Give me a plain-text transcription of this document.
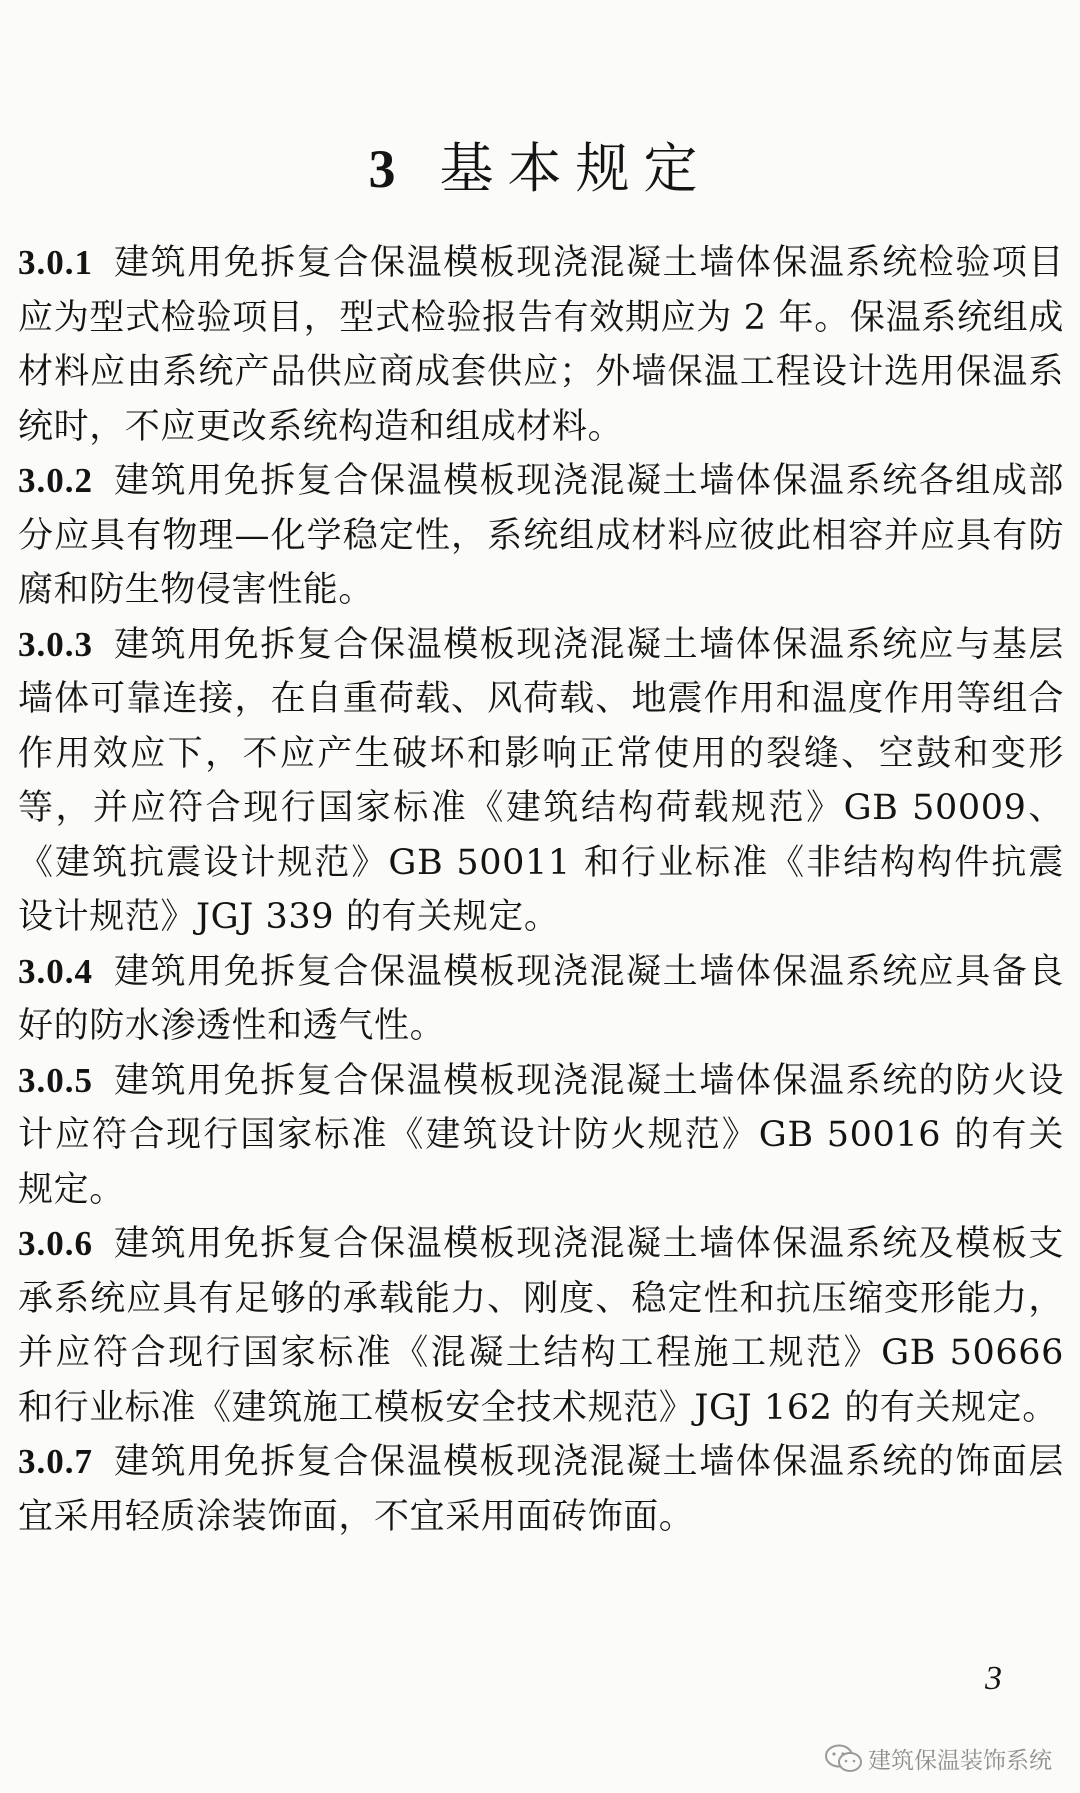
3 基本规定

3.0.1 建筑用免拆复合保温模板现浇混凝土墙体保温系统检验项目应为型式检验项目，型式检验报告有效期应为 2 年。保温系统组成材料应由系统产品供应商成套供应；外墙保温工程设计选用保温系统时，不应更改系统构造和组成材料。

3.0.2 建筑用免拆复合保温模板现浇混凝土墙体保温系统各组成部分应具有物理—化学稳定性，系统组成材料应彼此相容并应具有防腐和防生物侵害性能。

3.0.3 建筑用免拆复合保温模板现浇混凝土墙体保温系统应与基层墙体可靠连接，在自重荷载、风荷载、地震作用和温度作用等组合作用效应下，不应产生破坏和影响正常使用的裂缝、空鼓和变形等，并应符合现行国家标准《建筑结构荷载规范》GB 50009、《建筑抗震设计规范》GB 50011 和行业标准《非结构构件抗震设计规范》JGJ 339 的有关规定。

3.0.4 建筑用免拆复合保温模板现浇混凝土墙体保温系统应具备良好的防水渗透性和透气性。

3.0.5 建筑用免拆复合保温模板现浇混凝土墙体保温系统的防火设计应符合现行国家标准《建筑设计防火规范》GB 50016 的有关规定。

3.0.6 建筑用免拆复合保温模板现浇混凝土墙体保温系统及模板支承系统应具有足够的承载能力、刚度、稳定性和抗压缩变形能力，并应符合现行国家标准《混凝土结构工程施工规范》GB 50666 和行业标准《建筑施工模板安全技术规范》JGJ 162 的有关规定。

3.0.7 建筑用免拆复合保温模板现浇混凝土墙体保温系统的饰面层宜采用轻质涂装饰面，不宜采用面砖饰面。

3
建筑保温装饰系统
